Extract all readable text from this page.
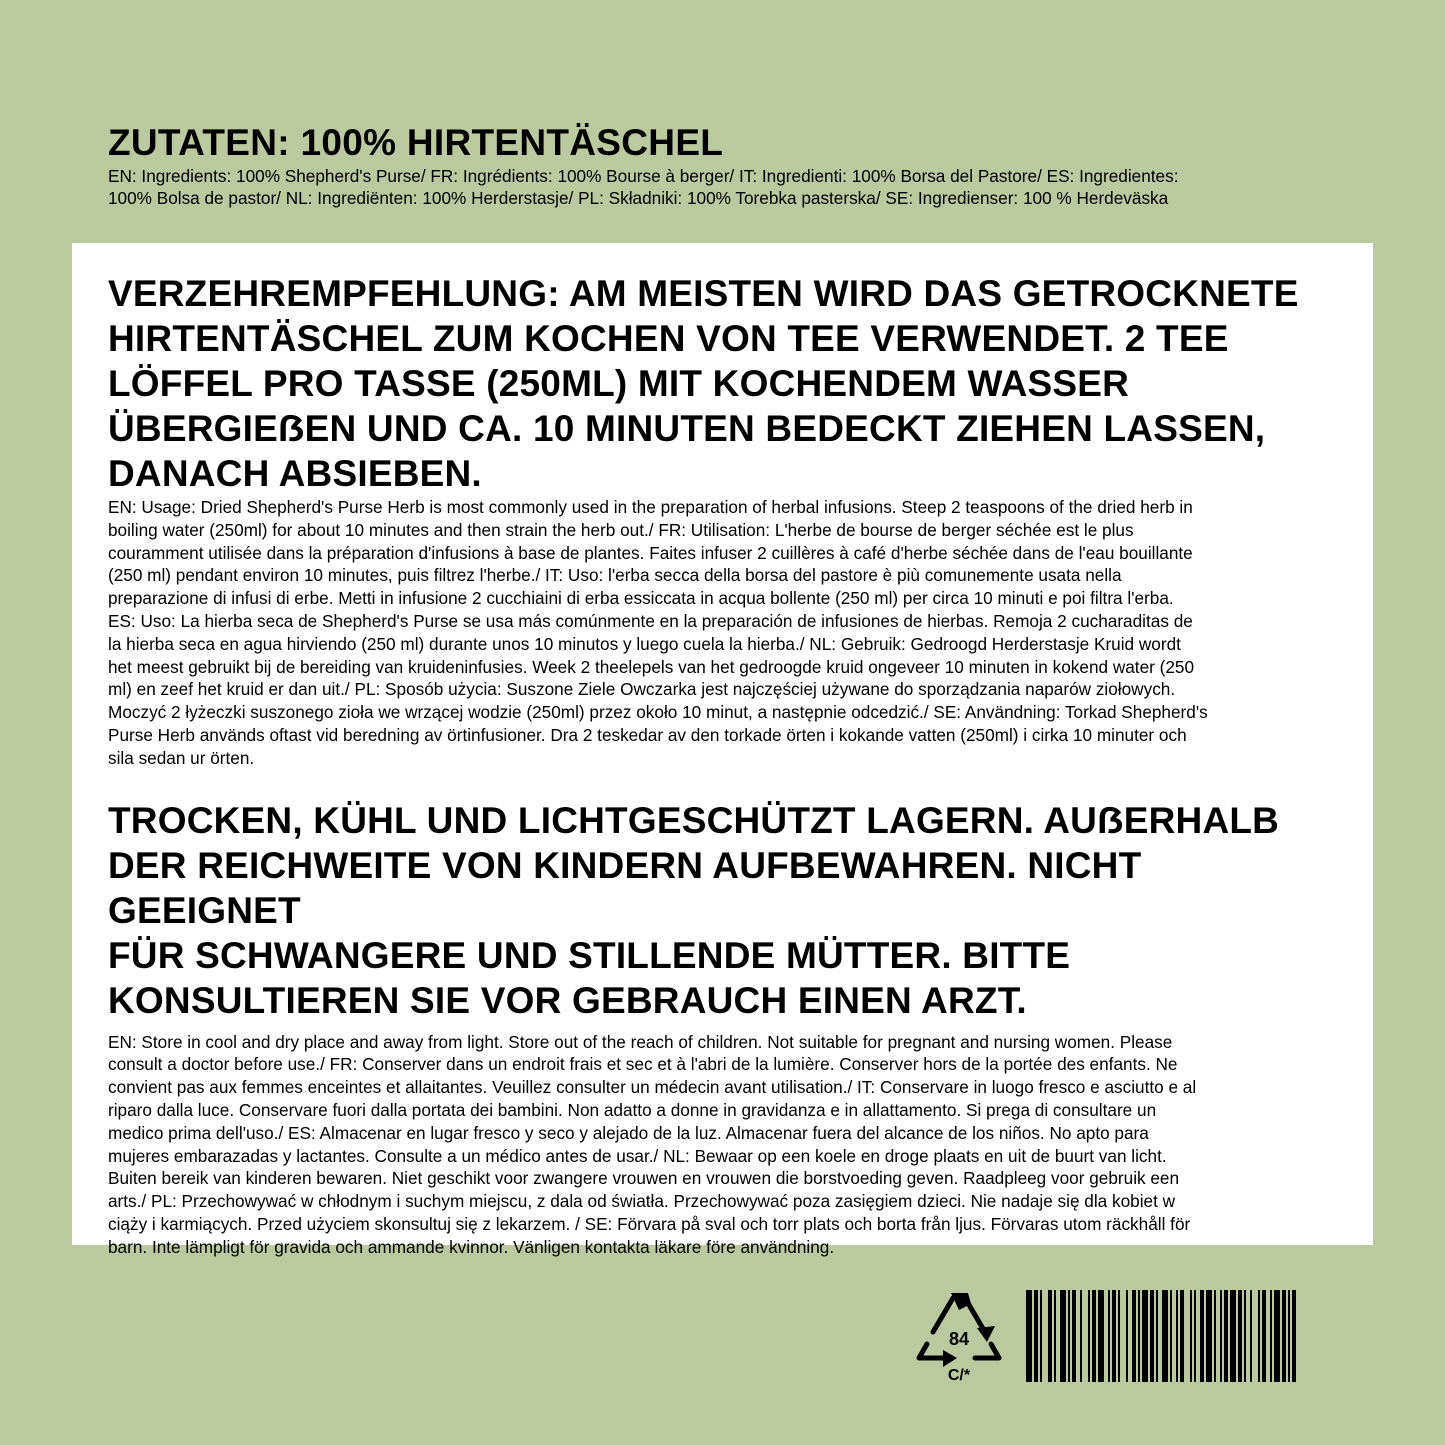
ZUTATEN: 100% HIRTENTÄSCHEL
EN: Ingredients: 100% Shepherd's Purse/ FR: Ingrédients: 100% Bourse à berger/ IT: Ingredienti: 100% Borsa del Pastore/ ES: Ingredientes:
100% Bolsa de pastor/ NL: Ingrediënten: 100% Herderstasje/ PL: Składniki: 100% Torebka pasterska/ SE: Ingredienser: 100 % Herdeväska
VERZEHREMPFEHLUNG: AM MEISTEN WIRD DAS GETROCKNETE
HIRTENTÄSCHEL ZUM KOCHEN VON TEE VERWENDET. 2 TEE
LÖFFEL PRO TASSE (250ML) MIT KOCHENDEM WASSER
ÜBERGIEẞEN UND CA. 10 MINUTEN BEDECKT ZIEHEN LASSEN,
DANACH ABSIEBEN.
EN: Usage: Dried Shepherd's Purse Herb is most commonly used in the preparation of herbal infusions. Steep 2 teaspoons of the dried herb in
boiling water (250ml) for about 10 minutes and then strain the herb out./ FR: Utilisation: L'herbe de bourse de berger séchée est le plus
couramment utilisée dans la préparation d'infusions à base de plantes. Faites infuser 2 cuillères à café d'herbe séchée dans de l'eau bouillante
(250 ml) pendant environ 10 minutes, puis filtrez l'herbe./ IT: Uso: l'erba secca della borsa del pastore è più comunemente usata nella
preparazione di infusi di erbe. Metti in infusione 2 cucchiaini di erba essiccata in acqua bollente (250 ml) per circa 10 minuti e poi filtra l'erba.
ES: Uso: La hierba seca de Shepherd's Purse se usa más comúnmente en la preparación de infusiones de hierbas. Remoja 2 cucharaditas de
la hierba seca en agua hirviendo (250 ml) durante unos 10 minutos y luego cuela la hierba./ NL: Gebruik: Gedroogd Herderstasje Kruid wordt
het meest gebruikt bij de bereiding van kruideninfusies. Week 2 theelepels van het gedroogde kruid ongeveer 10 minuten in kokend water (250
ml) en zeef het kruid er dan uit./ PL: Sposób użycia: Suszone Ziele Owczarka jest najczęściej używane do sporządzania naparów ziołowych.
Moczyć 2 łyżeczki suszonego zioła we wrzącej wodzie (250ml) przez około 10 minut, a następnie odcedzić./ SE: Användning: Torkad Shepherd's
Purse Herb används oftast vid beredning av örtinfusioner. Dra 2 teskedar av den torkade örten i kokande vatten (250ml) i cirka 10 minuter och
sila sedan ur örten.
TROCKEN, KÜHL UND LICHTGESCHÜTZT LAGERN. AUẞERHALB
DER REICHWEITE VON KINDERN AUFBEWAHREN. NICHT GEEIGNET
FÜR SCHWANGERE UND STILLENDE MÜTTER. BITTE
KONSULTIEREN SIE VOR GEBRAUCH EINEN ARZT.
EN: Store in cool and dry place and away from light. Store out of the reach of children. Not suitable for pregnant and nursing women. Please
consult a doctor before use./ FR: Conserver dans un endroit frais et sec et à l'abri de la lumière. Conserver hors de la portée des enfants. Ne
convient pas aux femmes enceintes et allaitantes. Veuillez consulter un médecin avant utilisation./ IT: Conservare in luogo fresco e asciutto e al
riparo dalla luce. Conservare fuori dalla portata dei bambini. Non adatto a donne in gravidanza e in allattamento. Si prega di consultare un
medico prima dell'uso./ ES: Almacenar en lugar fresco y seco y alejado de la luz. Almacenar fuera del alcance de los niños. No apto para
mujeres embarazadas y lactantes. Consulte a un médico antes de usar./ NL: Bewaar op een koele en droge plaats en uit de buurt van licht.
Buiten bereik van kinderen bewaren. Niet geschikt voor zwangere vrouwen en vrouwen die borstvoeding geven. Raadpleeg voor gebruik een
arts./ PL: Przechowywać w chłodnym i suchym miejscu, z dala od światła. Przechowywać poza zasięgiem dzieci. Nie nadaje się dla kobiet w
ciąży i karmiących. Przed użyciem skonsultuj się z lekarzem. / SE: Förvara på sval och torr plats och borta från ljus. Förvaras utom räckhåll för
barn. Inte lämpligt för gravida och ammande kvinnor. Vänligen kontakta läkare före användning.
84
C/*
